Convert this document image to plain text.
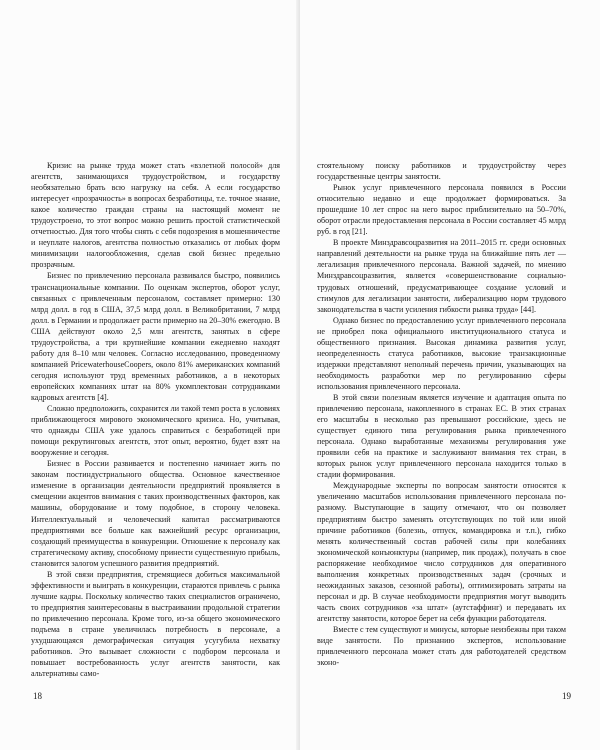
Кризис на рынке труда может стать «взлетной полосой» для агентств, занимающихся трудоустройством, и государству необязательно брать всю нагрузку на себя. А если государство интересует «прозрачность» в вопросах безработицы, т.е. точное знание, какое количество граждан страны на настоящий момент не трудоустроено, то этот вопрос можно решить простой статистической отчетностью. Для того чтобы снять с себя подозрения в мошенничестве и неуплате налогов, агентства полностью отказались от любых форм минимизации налогообложения, сделав свой бизнес предельно прозрачным.

Бизнес по привлечению персонала развивался быстро, появились транснациональные компании. По оценкам экспертов, оборот услуг, связанных с привлеченным персоналом, составляет примерно: 130 млрд долл. в год в США, 37,5 млрд долл. в Великобритании, 7 млрд долл. в Германии и продолжает расти примерно на 20–30% ежегодно. В США действуют около 2,5 млн агентств, занятых в сфере трудоустройства, а три крупнейшие компании ежедневно находят работу для 8–10 млн человек. Согласно исследованию, проведенному компанией PricewaterhouseCoopers, около 81% американских компаний сегодня используют труд временных работников, а в некоторых европейских компаниях штат на 80% укомплектован сотрудниками кадровых агентств [4].

Сложно предположить, сохранится ли такой темп роста в условиях приближающегося мирового экономического кризиса. Но, учитывая, что однажды США уже удалось справиться с безработицей при помощи рекрутинговых агентств, этот опыт, вероятно, будет взят на вооружение и сегодня.

Бизнес в России развивается и постепенно начинает жить по законам постиндустриального общества. Основное качественное изменение в организации деятельности предприятий проявляется в смещении акцентов внимания с таких производственных факторов, как машины, оборудование и тому подобное, в сторону человека. Интеллектуальный и человеческий капитал рассматриваются предприятиями все больше как важнейший ресурс организации, создающий преимущества в конкуренции. Отношение к персоналу как стратегическому активу, способному принести существенную прибыль, становится залогом успешного развития предприятий.

В этой связи предприятия, стремящиеся добиться максимальной эффективности и выиграть в конкуренции, стараются привлечь с рынка лучшие кадры. Поскольку количество таких специалистов ограничено, то предприятия заинтересованы в выстраивании продольной стратегии по привлечению персонала. Кроме того, из-за общего экономического подъема в стране увеличилась потребность в персонале, а ухудшающаяся демографическая ситуация усугубила нехватку работников. Это вызывает сложности с подбором персонала и повышает востребованность услуг агентств занятости, как альтернативы само-

18

стоятельному поиску работников и трудоустройству через государственные центры занятости.

Рынок услуг привлеченного персонала появился в России относительно недавно и еще продолжает формироваться. За прошедшие 10 лет спрос на него вырос приблизительно на 50–70%, оборот отрасли предоставления персонала в России составляет 45 млрд руб. в год [21].

В проекте Минздравсоцразвития на 2011–2015 гг. среди основных направлений деятельности на рынке труда на ближайшие пять лет — легализация привлеченного персонала. Важной задачей, по мнению Минздравсоцразвития, является «совершенствование социально-трудовых отношений, предусматривающее создание условий и стимулов для легализации занятости, либерализацию норм трудового законодательства в части усиления гибкости рынка труда» [44].

Однако бизнес по предоставлению услуг привлеченного персонала не приобрел пока официального институционального статуса и общественного признания. Высокая динамика развития услуг, неопределенность статуса работников, высокие транзакционные издержки представляют неполный перечень причин, указывающих на необходимость разработки мер по регулированию сферы использования привлеченного персонала.

В этой связи полезным является изучение и адаптация опыта по привлечению персонала, накопленного в странах ЕС. В этих странах его масштабы в несколько раз превышают российские, здесь не существует единого типа регулирования рынка привлеченного персонала. Однако выработанные механизмы регулирования уже проявили себя на практике и заслуживают внимания тех стран, в которых рынок услуг привлеченного персонала находится только в стадии формирования.

Международные эксперты по вопросам занятости относятся к увеличению масштабов использования привлеченного персонала по-разному. Выступающие в защиту отмечают, что он позволяет предприятиям быстро заменять отсутствующих по той или иной причине работников (болезнь, отпуск, командировка и т.п.), гибко менять количественный состав рабочей силы при колебаниях экономической конъюнктуры (например, пик продаж), получать в свое распоряжение необходимое число сотрудников для оперативного выполнения конкретных производственных задач (срочных и неожиданных заказов, сезонной работы), оптимизировать затраты на персонал и др. В случае необходимости предприятия могут выводить часть своих сотрудников «за штат» (аутстаффинг) и передавать их агентству занятости, которое берет на себя функции работодателя.

Вместе с тем существуют и минусы, которые неизбежны при таком виде занятости. По признанию экспертов, использование привлеченного персонала может стать для работодателей средством эконо-

19
